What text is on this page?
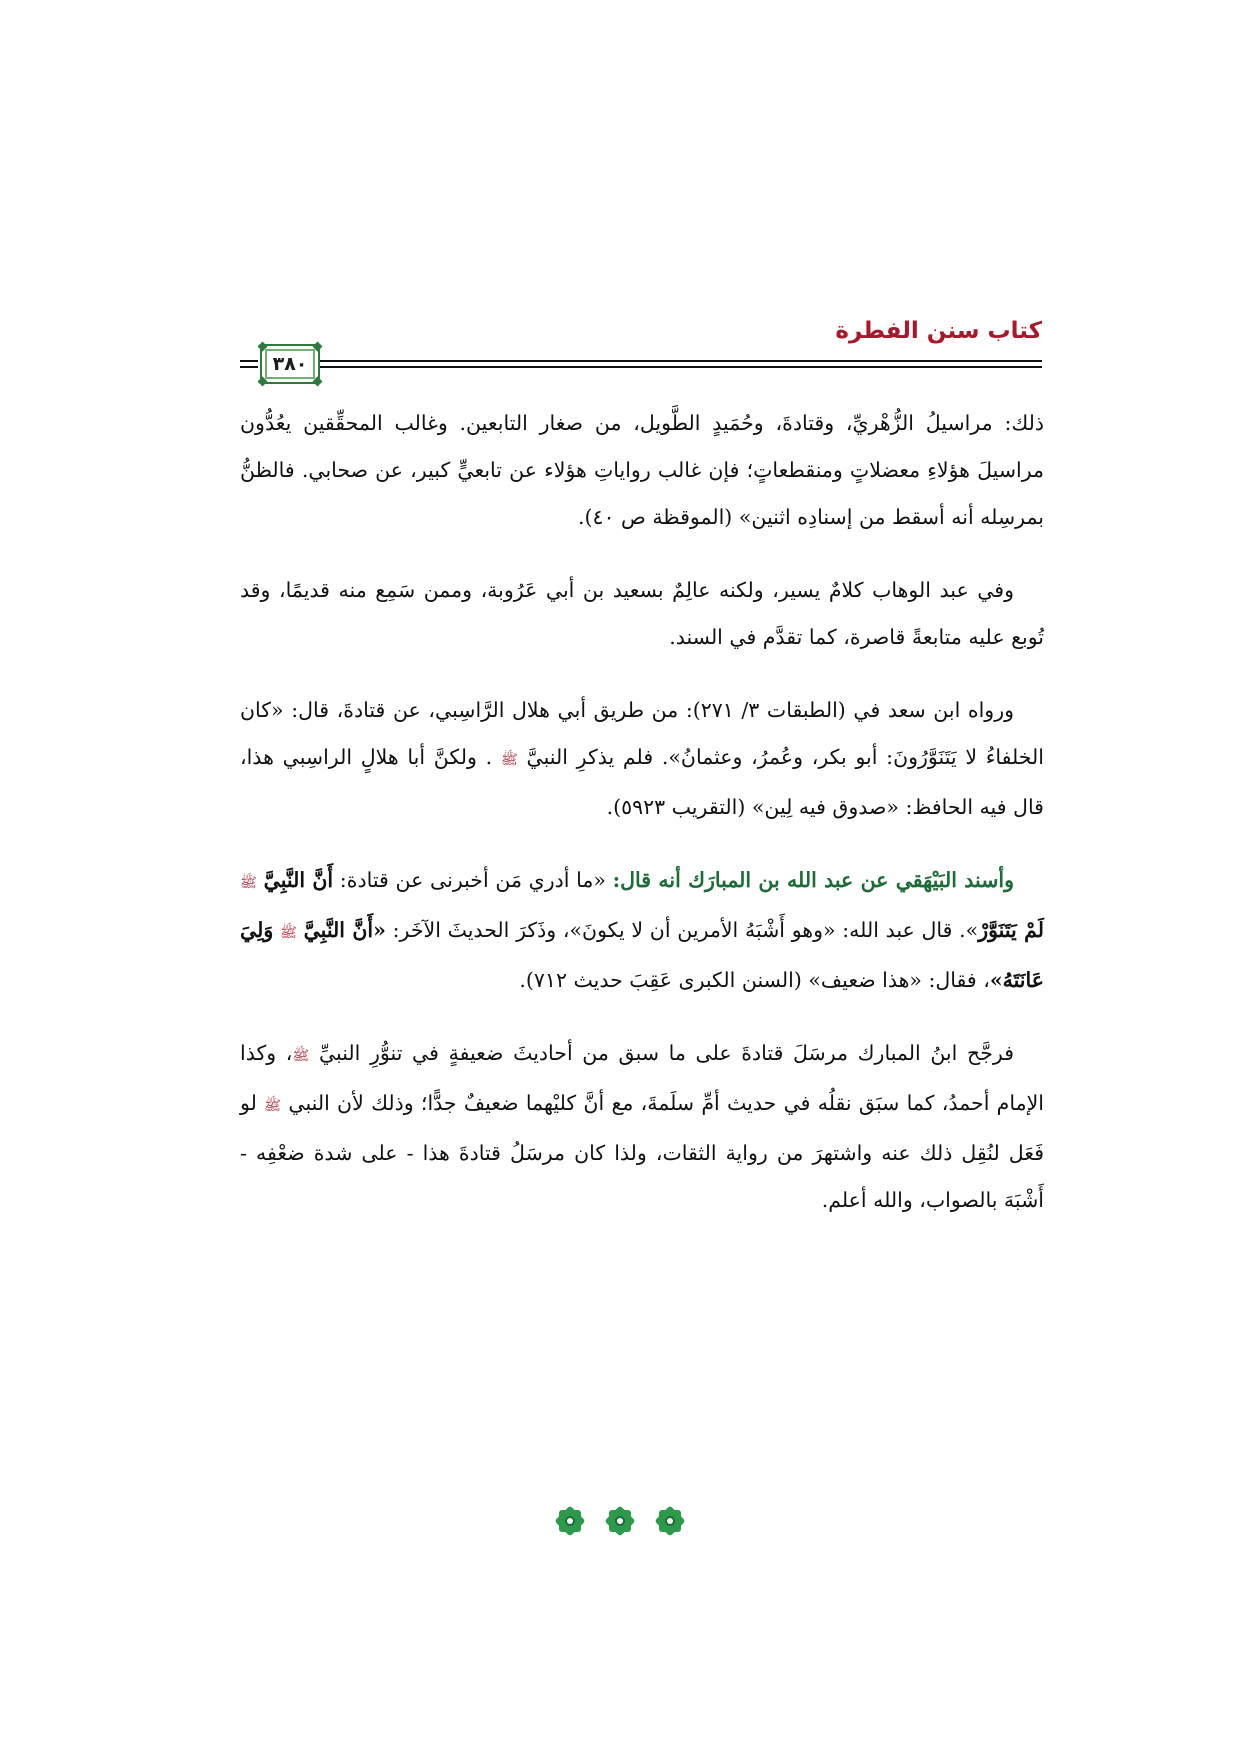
كتاب سنن الفطرة
٣٨٠

ذلك: مراسيلُ الزُّهْريِّ، وقتادةَ، وحُمَيدٍ الطَّويل، من صغار التابعين. وغالب المحقِّقين يعُدُّون مراسيلَ هؤلاءِ معضلاتٍ ومنقطعاتٍ؛ فإن غالب رواياتِ هؤلاء عن تابعيٍّ كبير، عن صحابي. فالظنُّ بمرسِله أنه أسقط من إسنادِه اثنين» (الموقظة ص ٤٠).

وفي عبد الوهاب كلامٌ يسير، ولكنه عالِمٌ بسعيد بن أبي عَرُوبة، وممن سَمِع منه قديمًا، وقد تُوبع عليه متابعةً قاصرة، كما تقدَّم في السند.

ورواه ابن سعد في (الطبقات ٣/ ٢٧١): من طريق أبي هلال الرَّاسِبي، عن قتادةَ، قال: «كان الخلفاءُ لا يَتَنَوَّرُونَ: أبو بكر، وعُمرُ، وعثمانُ». فلم يذكرِ النبيَّ ﷺ . ولكنَّ أبا هلالٍ الراسِبي هذا، قال فيه الحافظ: «صدوق فيه لِين» (التقريب ٥٩٢٣).

وأسند البَيْهَقي عن عبد الله بن المبارَك أنه قال: «ما أدري مَن أخبرنى عن قتادة: أَنَّ النَّبِيَّ ﷺ لَمْ يَتَنَوَّرْ». قال عبد الله: «وهو أَشْبَهُ الأمرين أن لا يكونَ»، وذَكرَ الحديثَ الآخَر: «أَنَّ النَّبِيَّ ﷺ وَلِيَ عَانَتَهُ»، فقال: «هذا ضعيف» (السنن الكبرى عَقِبَ حديث ٧١٢).

فرجَّح ابنُ المبارك مرسَلَ قتادةَ على ما سبق من أحاديثَ ضعيفةٍ في تنوُّرِ النبيِّ ﷺ، وكذا الإمام أحمدُ، كما سبَق نقلُه في حديث أمِّ سلَمةَ، مع أنَّ كليْهما ضعيفٌ جدًّا؛ وذلك لأن النبي ﷺ لو فَعَل لنُقِل ذلك عنه واشتهرَ من رواية الثقات، ولذا كان مرسَلُ قتادةَ هذا - على شدة ضعْفِه - أَشْبَهَ بالصواب، والله أعلم.
